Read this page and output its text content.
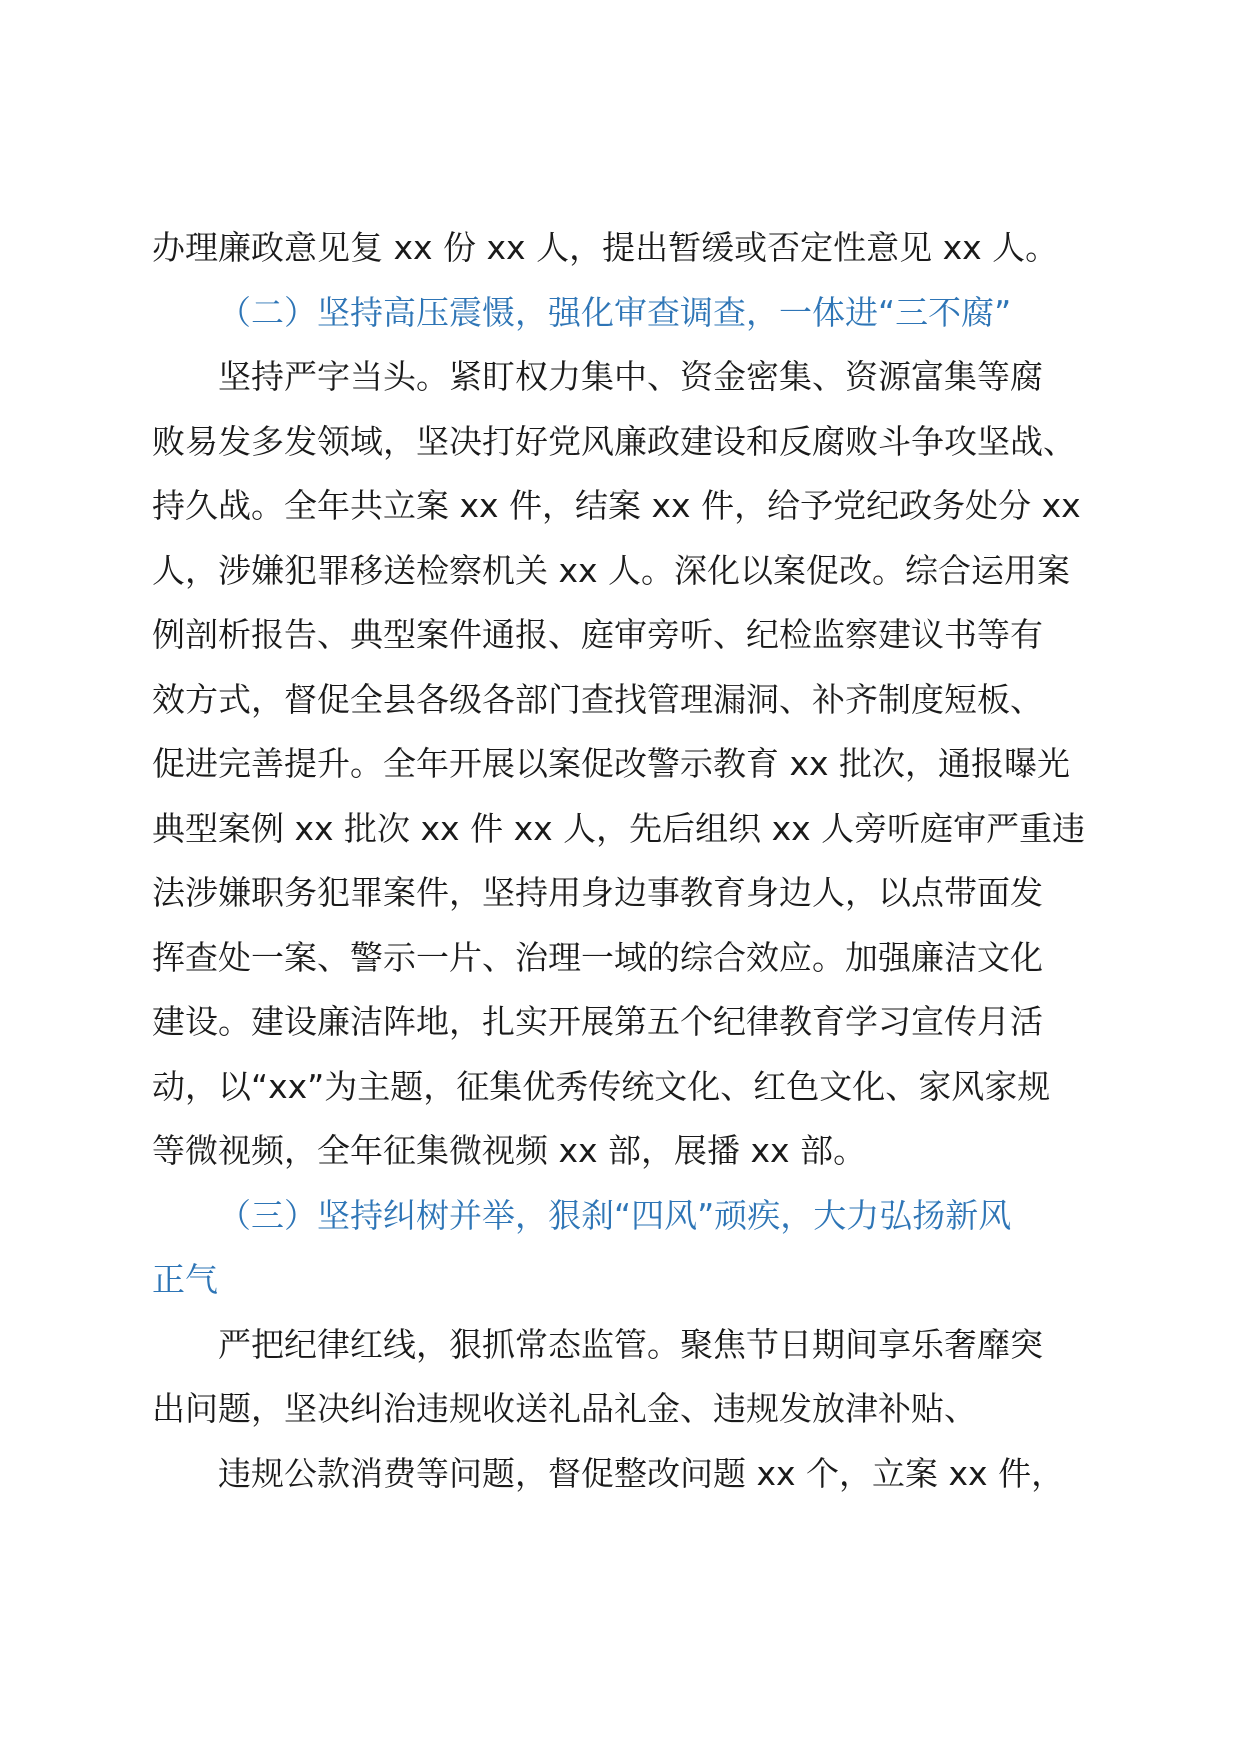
办理廉政意见复 xx 份 xx 人，提出暂缓或否定性意见 xx 人。
（二）坚持高压震慑，强化审查调查，一体进“三不腐”
坚持严字当头。紧盯权力集中、资金密集、资源富集等腐
败易发多发领域，坚决打好党风廉政建设和反腐败斗争攻坚战、
持久战。全年共立案 xx 件，结案 xx 件，给予党纪政务处分 xx
人，涉嫌犯罪移送检察机关 xx 人。深化以案促改。综合运用案
例剖析报告、典型案件通报、庭审旁听、纪检监察建议书等有
效方式，督促全县各级各部门查找管理漏洞、补齐制度短板、
促进完善提升。全年开展以案促改警示教育 xx 批次，通报曝光
典型案例 xx 批次 xx 件 xx 人，先后组织 xx 人旁听庭审严重违
法涉嫌职务犯罪案件，坚持用身边事教育身边人，以点带面发
挥查处一案、警示一片、治理一域的综合效应。加强廉洁文化
建设。建设廉洁阵地，扎实开展第五个纪律教育学习宣传月活
动，以“xx”为主题，征集优秀传统文化、红色文化、家风家规
等微视频，全年征集微视频 xx 部，展播 xx 部。
（三）坚持纠树并举，狠刹“四风”顽疾，大力弘扬新风
正气
严把纪律红线，狠抓常态监管。聚焦节日期间享乐奢靡突
出问题，坚决纠治违规收送礼品礼金、违规发放津补贴、
违规公款消费等问题，督促整改问题 xx 个，立案 xx 件，
